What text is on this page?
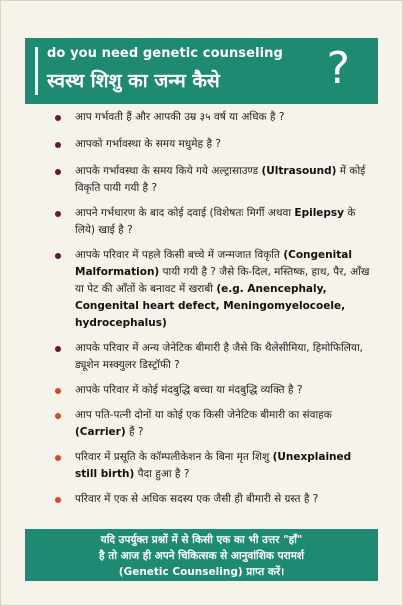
do you need genetic counseling
स्वस्थ शिशु का जन्म कैसे ?
आप गर्भवती हैं और आपकी उम्र ३५ वर्ष या अधिक है ?
आपको गर्भावस्था के समय मधुमेह है ?
आपके गर्भावस्था के समय किये गये अल्ट्रासाउण्ड (Ultrasound) में कोई विकृति पायी गयी है ?
आपने गर्भधारण के बाद कोई दवाई (विशेषतः मिर्गी अथवा Epilepsy के लिये) खाई है ?
आपके परिवार में पहले किसी बच्चे में जन्मजात विकृति (Congenital Malformation) पायी गयी है ? जैसे कि-दिल, मस्तिष्क, हाथ, पैर, आँख या पेट की आँतों के बनावट में खराबी (e.g. Anencephaly, Congenital heart defect, Meningomyelocoele, hydrocephalus)
आपके परिवार में अन्य जेनेटिक बीमारी है जैसे कि थैलेसीमिया, हिमोफिलिया, ड्यूशेन मस्क्युलर डिस्ट्रॉफी ?
आपके परिवार में कोई मंदबुद्धि बच्चा या मंदबुद्धि व्यक्ति है ?
आप पति-पत्नी दोनों या कोई एक किसी जेनेटिक बीमारी का संवाहक (Carrier) हैं ?
परिवार में प्रसूति के कॉम्पलीकेशन के बिना मृत शिशु (Unexplained still birth) पैदा हुआ है ?
परिवार में एक से अधिक सदस्य एक जैसी ही बीमारी से ग्रस्त है ?
यदि उपर्युक्त प्रश्नों में से किसी एक का भी उत्तर "हाँ"
है तो आज ही अपने चिकित्सक से आनुवांशिक परामर्श
(Genetic Counseling) प्राप्त करें।
